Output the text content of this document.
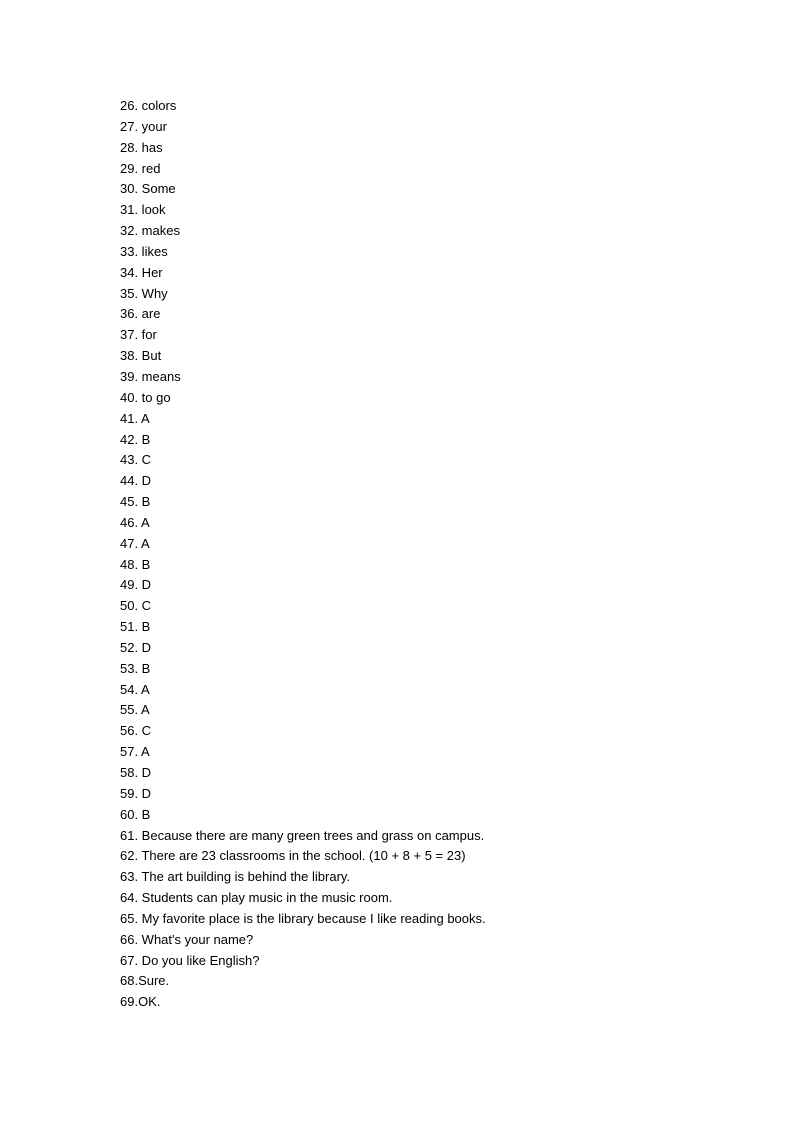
26. colors
27. your
28. has
29. red
30. Some
31. look
32. makes
33. likes
34. Her
35. Why
36. are
37. for
38. But
39. means
40. to go
41. A
42. B
43. C
44. D
45. B
46. A
47. A
48. B
49. D
50. C
51. B
52. D
53. B
54. A
55. A
56. C
57. A
58. D
59. D
60. B
61. Because there are many green trees and grass on campus.
62. There are 23 classrooms in the school. (10 + 8 + 5 = 23)
63. The art building is behind the library.
64. Students can play music in the music room.
65. My favorite place is the library because I like reading books.
66. What's your name?
67. Do you like English?
68.Sure.
69.OK.
